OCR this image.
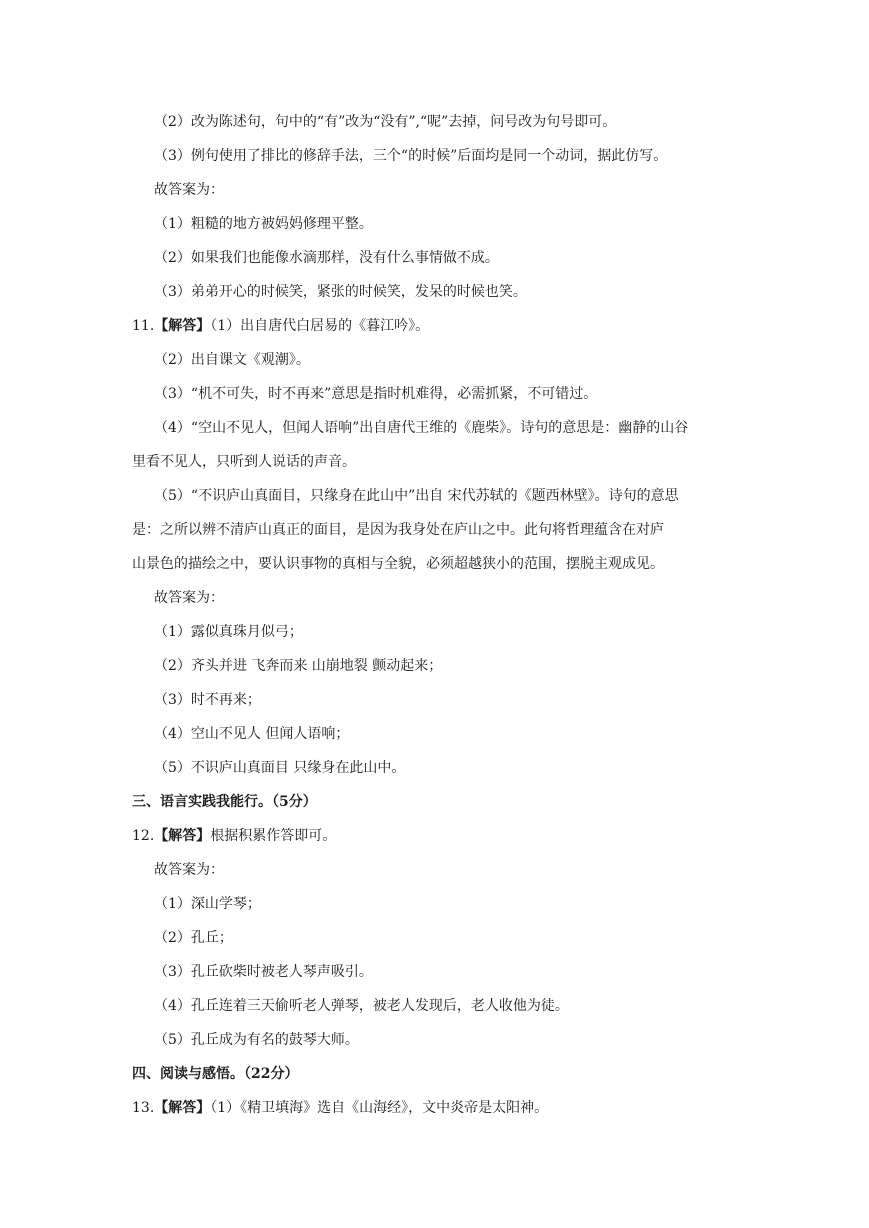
（2）改为陈述句，句中的“有”改为“没有”,“呢”去掉，问号改为句号即可。
（3）例句使用了排比的修辞手法，三个“的时候”后面均是同一个动词，据此仿写。
故答案为：
（1）粗糙的地方被妈妈修理平整。
（2）如果我们也能像水滴那样，没有什么事情做不成。
（3）弟弟开心的时候笑，紧张的时候笑，发呆的时候也笑。
11.【解答】（1）出自唐代白居易的《暮江吟》。
（2）出自课文《观潮》。
（3）“机不可失，时不再来”意思是指时机难得，必需抓紧，不可错过。
（4）“空山不见人，但闻人语响”出自唐代王维的《鹿柴》。诗句的意思是：幽静的山谷
里看不见人，只听到人说话的声音。
（5）“不识庐山真面目，只缘身在此山中”出自 宋代苏轼的《题西林壁》。诗句的意思
是：之所以辨不清庐山真正的面目，是因为我身处在庐山之中。此句将哲理蕴含在对庐
山景色的描绘之中，要认识事物的真相与全貌，必须超越狭小的范围，摆脱主观成见。
故答案为：
（1）露似真珠月似弓；
（2）齐头并进 飞奔而来 山崩地裂 颤动起来；
（3）时不再来；
（4）空山不见人 但闻人语响；
（5）不识庐山真面目 只缘身在此山中。
三、语言实践我能行。（5分）
12.【解答】根据积累作答即可。
故答案为：
（1）深山学琴；
（2）孔丘；
（3）孔丘砍柴时被老人琴声吸引。
（4）孔丘连着三天偷听老人弹琴，被老人发现后，老人收他为徒。
（5）孔丘成为有名的鼓琴大师。
四、阅读与感悟。（22分）
13.【解答】（1）《精卫填海》选自《山海经》，文中炎帝是太阳神。
